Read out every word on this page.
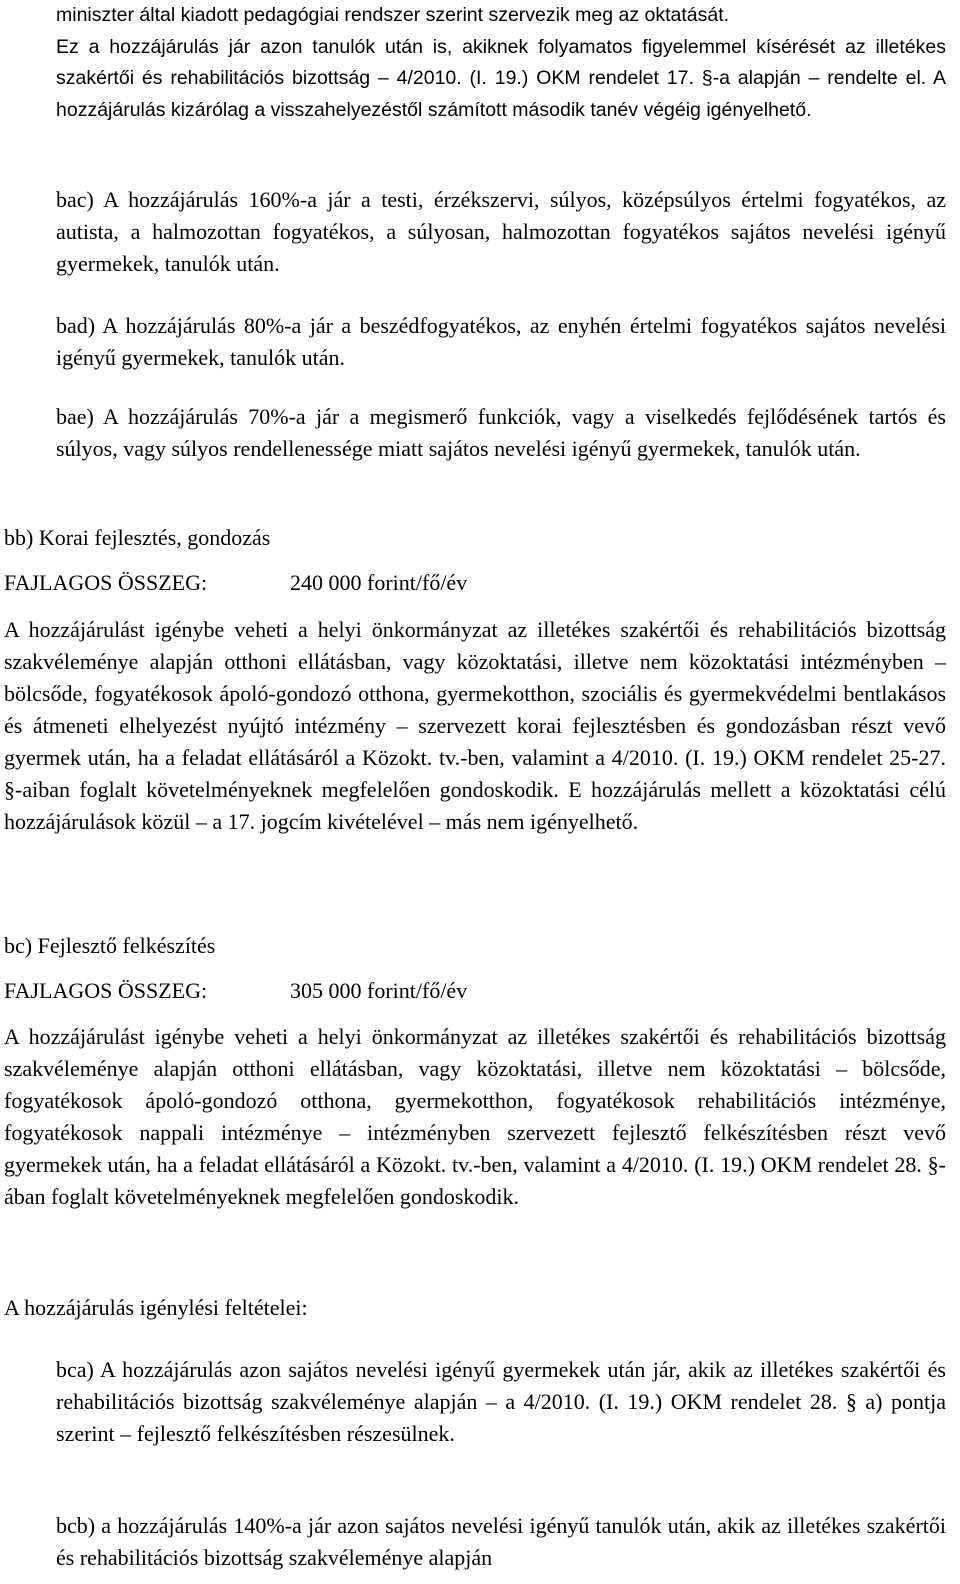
miniszter által kiadott pedagógiai rendszer szerint szervezik meg az oktatását.
Ez a hozzájárulás jár azon tanulók után is, akiknek folyamatos figyelemmel kísérését az illetékes szakértői és rehabilitációs bizottság – 4/2010. (I. 19.) OKM rendelet 17. §-a alapján – rendelte el. A hozzájárulás kizárólag a visszahelyezéstől számított második tanév végéig igényelhető.

bac) A hozzájárulás 160%-a jár a testi, érzékszervi, súlyos, középsúlyos értelmi fogyatékos, az autista, a halmozottan fogyatékos, a súlyosan, halmozottan fogyatékos sajátos nevelési igényű gyermekek, tanulók után.

bad) A hozzájárulás 80%-a jár a beszédfogyatékos, az enyhén értelmi fogyatékos sajátos nevelési igényű gyermekek, tanulók után.

bae) A hozzájárulás 70%-a jár a megismerő funkciók, vagy a viselkedés fejlődésének tartós és súlyos, vagy súlyos rendellenessége miatt sajátos nevelési igényű gyermekek, tanulók után.

bb) Korai fejlesztés, gondozás

FAJLAGOS ÖSSZEG:	240 000 forint/fő/év

A hozzájárulást igénybe veheti a helyi önkormányzat az illetékes szakértői és rehabilitációs bizottság szakvéleménye alapján otthoni ellátásban, vagy közoktatási, illetve nem közoktatási intézményben – bölcsőde, fogyatékosok ápoló-gondozó otthona, gyermekotthon, szociális és gyermekvédelmi bentlakásos és átmeneti elhelyezést nyújtó intézmény – szervezett korai fejlesztésben és gondozásban részt vevő gyermek után, ha a feladat ellátásáról a Közokt. tv.-ben, valamint a 4/2010. (I. 19.) OKM rendelet 25-27. §-aiban foglalt követelményeknek megfelelően gondoskodik. E hozzájárulás mellett a közoktatási célú hozzájárulások közül – a 17. jogcím kivételével – más nem igényelhető.

bc) Fejlesztő felkészítés

FAJLAGOS ÖSSZEG:	305 000 forint/fő/év

A hozzájárulást igénybe veheti a helyi önkormányzat az illetékes szakértői és rehabilitációs bizottság szakvéleménye alapján otthoni ellátásban, vagy közoktatási, illetve nem közoktatási – bölcsőde, fogyatékosok ápoló-gondozó otthona, gyermekotthon, fogyatékosok rehabilitációs intézménye, fogyatékosok nappali intézménye – intézményben szervezett fejlesztő felkészítésben részt vevő gyermekek után, ha a feladat ellátásáról a Közokt. tv.-ben, valamint a 4/2010. (I. 19.) OKM rendelet 28. §-ában foglalt követelményeknek megfelelően gondoskodik.

A hozzájárulás igénylési feltételei:

bca) A hozzájárulás azon sajátos nevelési igényű gyermekek után jár, akik az illetékes szakértői és rehabilitációs bizottság szakvéleménye alapján – a 4/2010. (I. 19.) OKM rendelet 28. § a) pontja szerint – fejlesztő felkészítésben részesülnek.

bcb) a hozzájárulás 140%-a jár azon sajátos nevelési igényű tanulók után, akik az illetékes szakértői és rehabilitációs bizottság szakvéleménye alapján
